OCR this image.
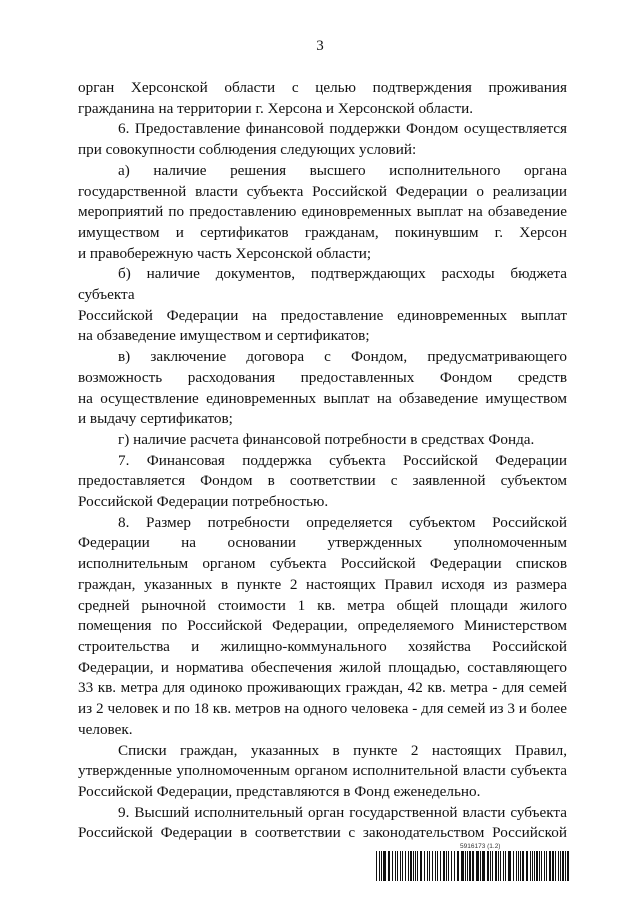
3

орган Херсонской области с целью подтверждения проживания

гражданина на территории г. Херсона и Херсонской области.

6. Предоставление финансовой поддержки Фондом осуществляется

при совокупности соблюдения следующих условий:

а) наличие решения высшего исполнительного органа

государственной власти субъекта Российской Федерации о реализации

мероприятий по предоставлению единовременных выплат на обзаведение

имуществом и сертификатов гражданам, покинувшим г. Херсон

и правобережную часть Херсонской области;

б) наличие документов, подтверждающих расходы бюджета субъекта

Российской Федерации на предоставление единовременных выплат

на обзаведение имуществом и сертификатов;

в) заключение договора с Фондом, предусматривающего

возможность расходования предоставленных Фондом средств

на осуществление единовременных выплат на обзаведение имуществом

и выдачу сертификатов;

г) наличие расчета финансовой потребности в средствах Фонда.

7. Финансовая поддержка субъекта Российской Федерации

предоставляется Фондом в соответствии с заявленной субъектом

Российской Федерации потребностью.

8. Размер потребности определяется субъектом Российской

Федерации на основании утвержденных уполномоченным

исполнительным органом субъекта Российской Федерации списков

граждан, указанных в пункте 2 настоящих Правил исходя из размера

средней рыночной стоимости 1 кв. метра общей площади жилого

помещения по Российской Федерации, определяемого Министерством

строительства и жилищно-коммунального хозяйства Российской

Федерации, и норматива обеспечения жилой площадью, составляющего

33 кв. метра для одиноко проживающих граждан, 42 кв. метра - для семей

из 2 человек и по 18 кв. метров на одного человека - для семей из 3 и более

человек.

Списки граждан, указанных в пункте 2 настоящих Правил,

утвержденные уполномоченным органом исполнительной власти субъекта

Российской Федерации, представляются в Фонд еженедельно.

9. Высший исполнительный орган государственной власти субъекта

Российской Федерации в соответствии с законодательством Российской

5916173 (1.2)
